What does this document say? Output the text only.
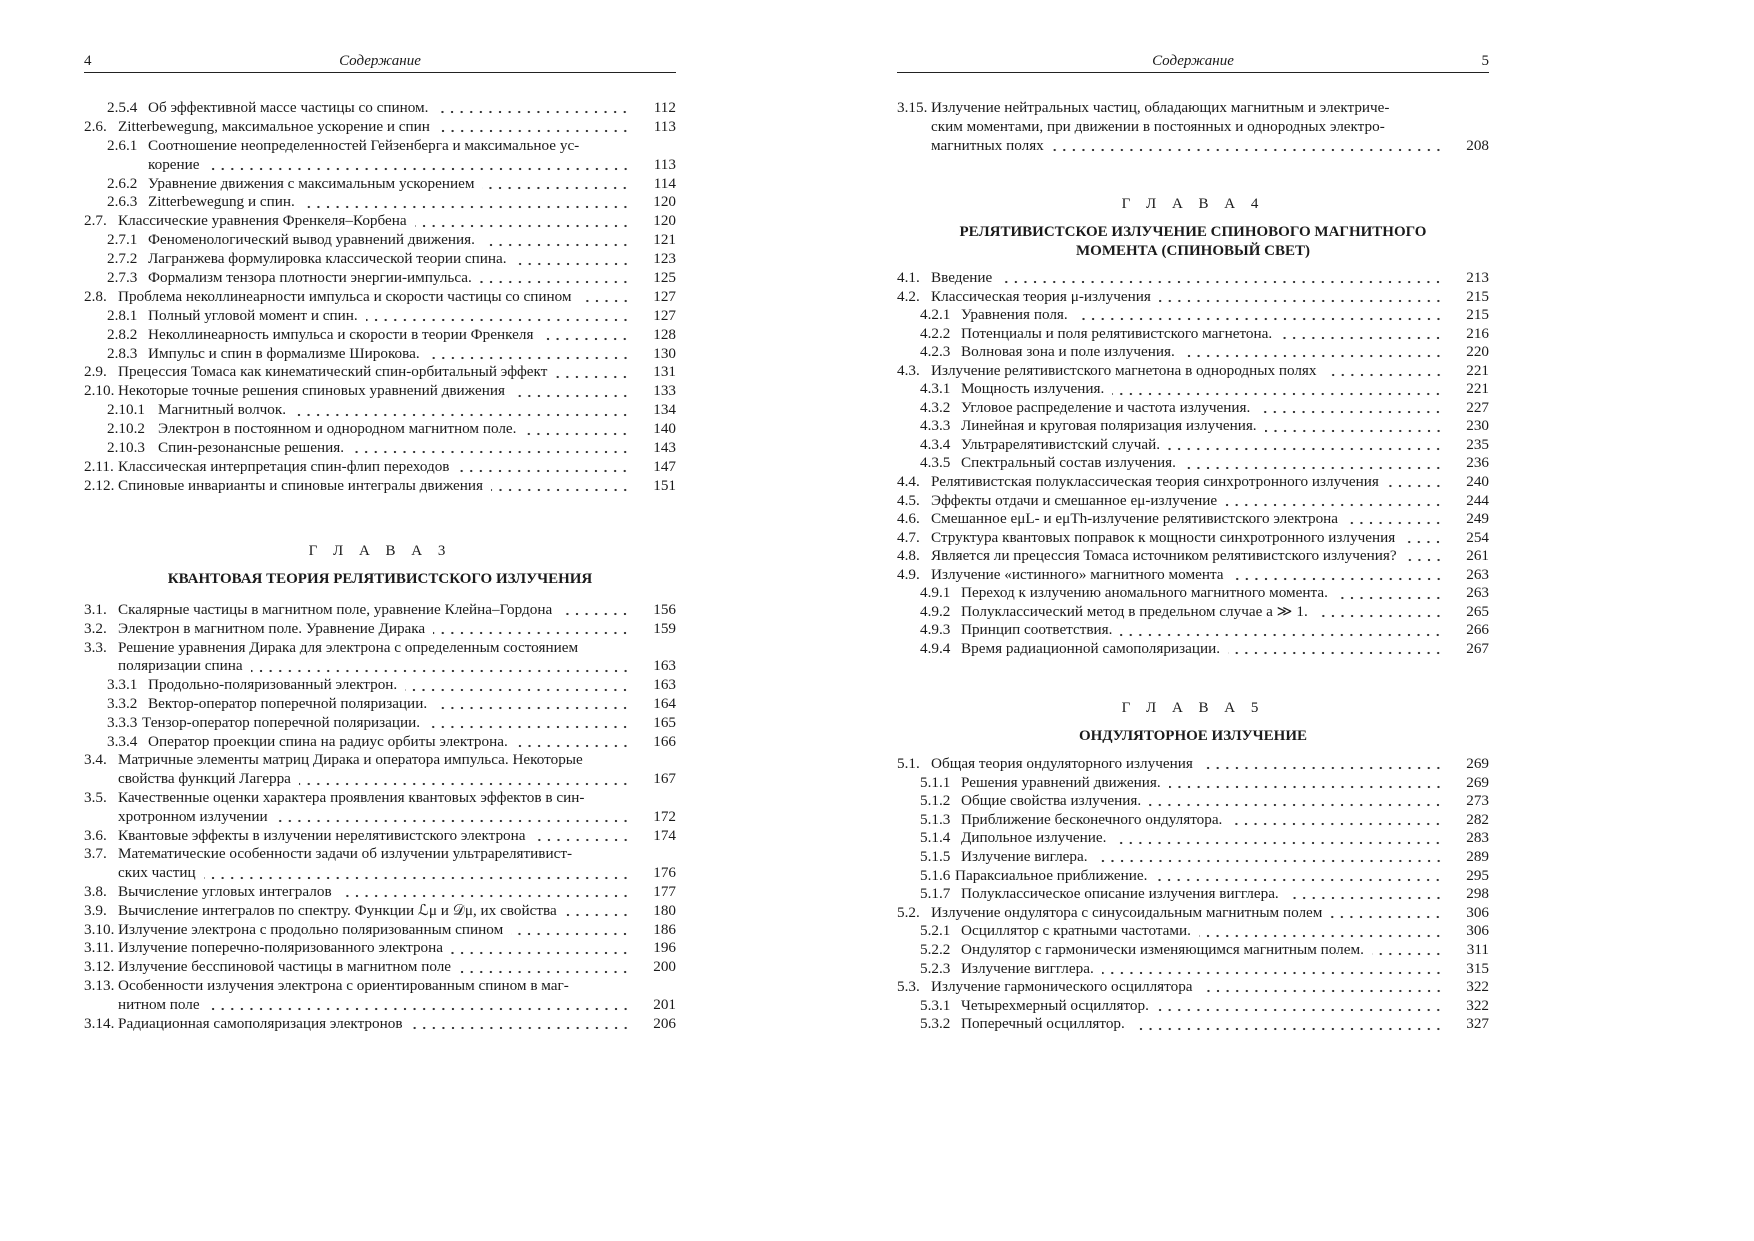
4	Содержание
2.5.4 Об эффективной массе частицы со спином.	112
2.6. Zitterbewegung, максимальное ускорение и спин	113
2.6.1 Соотношение неопределенностей Гейзенберга и максимальное ус-
корение	113
2.6.2 Уравнение движения с максимальным ускорением	114
2.6.3 Zitterbewegung и спин.	120
2.7. Классические уравнения Френкеля–Корбена	120
2.7.1 Феноменологический вывод уравнений движения.	121
2.7.2 Лагранжева формулировка классической теории спина.	123
2.7.3 Формализм тензора плотности энергии-импульса.	125
2.8. Проблема неколлинеарности импульса и скорости частицы со спином	127
2.8.1 Полный угловой момент и спин.	127
2.8.2 Неколлинеарность импульса и скорости в теории Френкеля	128
2.8.3 Импульс и спин в формализме Широкова.	130
2.9. Прецессия Томаса как кинематический спин-орбитальный эффект	131
2.10. Некоторые точные решения спиновых уравнений движения	133
2.10.1 Магнитный волчок.	134
2.10.2 Электрон в постоянном и однородном магнитном поле.	140
2.10.3 Спин-резонансные решения.	143
2.11. Классическая интерпретация спин-флип переходов	147
2.12. Спиновые инварианты и спиновые интегралы движения	151
Г Л А В А 3
КВАНТОВАЯ ТЕОРИЯ РЕЛЯТИВИСТСКОГО ИЗЛУЧЕНИЯ
3.1. Скалярные частицы в магнитном поле, уравнение Клейна–Гордона	156
3.2. Электрон в магнитном поле. Уравнение Дирака	159
3.3. Решение уравнения Дирака для электрона с определенным состоянием
поляризации спина	163
3.3.1 Продольно-поляризованный электрон.	163
3.3.2 Вектор-оператор поперечной поляризации.	164
3.3.3 Тензор-оператор поперечной поляризации.	165
3.3.4 Оператор проекции спина на радиус орбиты электрона.	166
3.4. Матричные элементы матриц Дирака и оператора импульса. Некоторые
свойства функций Лагерра	167
3.5. Качественные оценки характера проявления квантовых эффектов в син-
хротронном излучении	172
3.6. Квантовые эффекты в излучении нерелятивистского электрона	174
3.7. Математические особенности задачи об излучении ультрарелятивист-
ских частиц	176
3.8. Вычисление угловых интегралов	177
3.9. Вычисление интегралов по спектру. Функции ℒμ и 𝒟μ, их свойства	180
3.10. Излучение электрона с продольно поляризованным спином	186
3.11. Излучение поперечно-поляризованного электрона	196
3.12. Излучение бесспиновой частицы в магнитном поле	200
3.13. Особенности излучения электрона с ориентированным спином в маг-
нитном поле	201
3.14. Радиационная самополяризация электронов	206
Содержание	5
3.15. Излучение нейтральных частиц, обладающих магнитным и электриче-
ским моментами, при движении в постоянных и однородных электро-
магнитных полях	208
Г Л А В А 4
РЕЛЯТИВИСТСКОЕ ИЗЛУЧЕНИЕ СПИНОВОГО МАГНИТНОГО МОМЕНТА (СПИНОВЫЙ СВЕТ)
4.1. Введение	213
4.2. Классическая теория μ-излучения	215
4.2.1 Уравнения поля.	215
4.2.2 Потенциалы и поля релятивистского магнетона.	216
4.2.3 Волновая зона и поле излучения.	220
4.3. Излучение релятивистского магнетона в однородных полях	221
4.3.1 Мощность излучения.	221
4.3.2 Угловое распределение и частота излучения.	227
4.3.3 Линейная и круговая поляризация излучения.	230
4.3.4 Ультрарелятивистский случай.	235
4.3.5 Спектральный состав излучения.	236
4.4. Релятивистская полуклассическая теория синхротронного излучения	240
4.5. Эффекты отдачи и смешанное eμ-излучение	244
4.6. Смешанное eμL- и eμTh-излучение релятивистского электрона	249
4.7. Структура квантовых поправок к мощности синхротронного излучения	254
4.8. Является ли прецессия Томаса источником релятивистского излучения?	261
4.9. Излучение «истинного» магнитного момента	263
4.9.1 Переход к излучению аномального магнитного момента.	263
4.9.2 Полуклассический метод в предельном случае a ≫ 1.	265
4.9.3 Принцип соответствия.	266
4.9.4 Время радиационной самополяризации.	267
Г Л А В А 5
ОНДУЛЯТОРНОЕ ИЗЛУЧЕНИЕ
5.1. Общая теория ондуляторного излучения	269
5.1.1 Решения уравнений движения.	269
5.1.2 Общие свойства излучения.	273
5.1.3 Приближение бесконечного ондулятора.	282
5.1.4 Дипольное излучение.	283
5.1.5 Излучение виглера.	289
5.1.6 Параксиальное приближение.	295
5.1.7 Полуклассическое описание излучения вигглера.	298
5.2. Излучение ондулятора с синусоидальным магнитным полем	306
5.2.1 Осциллятор с кратными частотами.	306
5.2.2 Ондулятор с гармонически изменяющимся магнитным полем.	311
5.2.3 Излучение вигглера.	315
5.3. Излучение гармонического осциллятора	322
5.3.1 Четырехмерный осциллятор.	322
5.3.2 Поперечный осциллятор.	327
